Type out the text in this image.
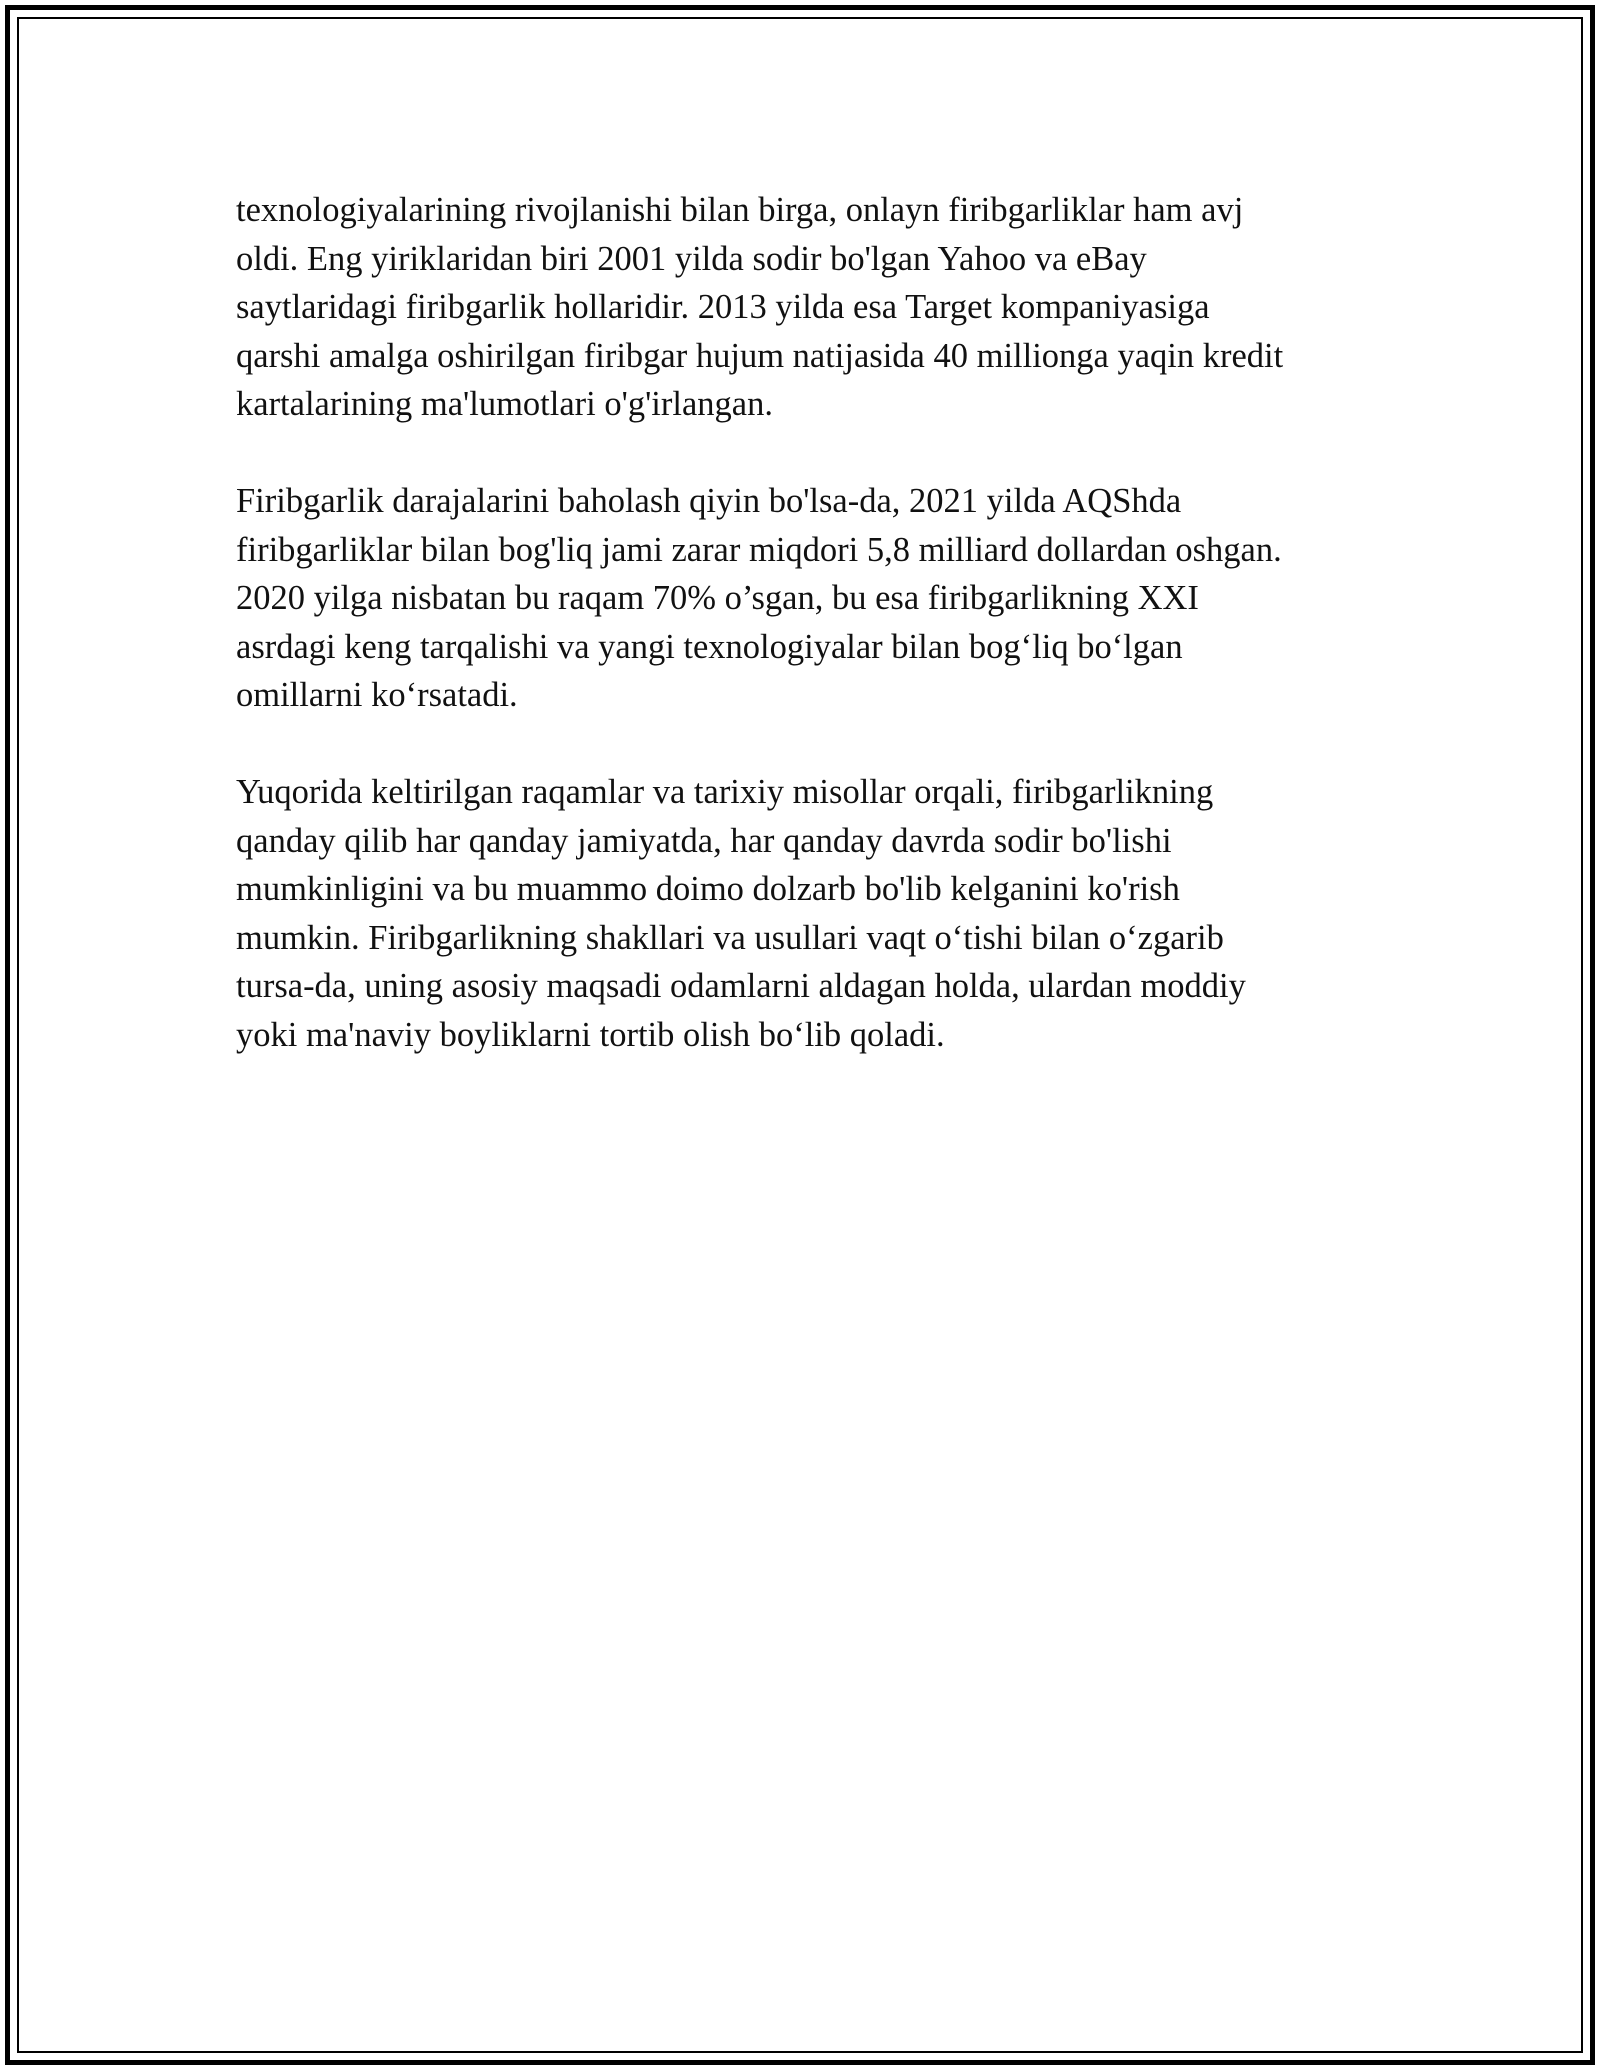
texnologiyalarining rivojlanishi bilan birga, onlayn firibgarliklar ham avj
oldi. Eng yiriklaridan biri 2001 yilda sodir bo'lgan Yahoo va eBay
saytlaridagi firibgarlik hollaridir. 2013 yilda esa Target kompaniyasiga
qarshi amalga oshirilgan firibgar hujum natijasida 40 millionga yaqin kredit
kartalarining ma'lumotlari o'g'irlangan.

Firibgarlik darajalarini baholash qiyin bo'lsa-da, 2021 yilda AQShda
firibgarliklar bilan bog'liq jami zarar miqdori 5,8 milliard dollardan oshgan.
2020 yilga nisbatan bu raqam 70% o’sgan, bu esa firibgarlikning XXI
asrdagi keng tarqalishi va yangi texnologiyalar bilan bog‘liq bo‘lgan
omillarni ko‘rsatadi.

Yuqorida keltirilgan raqamlar va tarixiy misollar orqali, firibgarlikning
qanday qilib har qanday jamiyatda, har qanday davrda sodir bo'lishi
mumkinligini va bu muammo doimo dolzarb bo'lib kelganini ko'rish
mumkin. Firibgarlikning shakllari va usullari vaqt o‘tishi bilan o‘zgarib
tursa-da, uning asosiy maqsadi odamlarni aldagan holda, ulardan moddiy
yoki ma'naviy boyliklarni tortib olish bo‘lib qoladi.
